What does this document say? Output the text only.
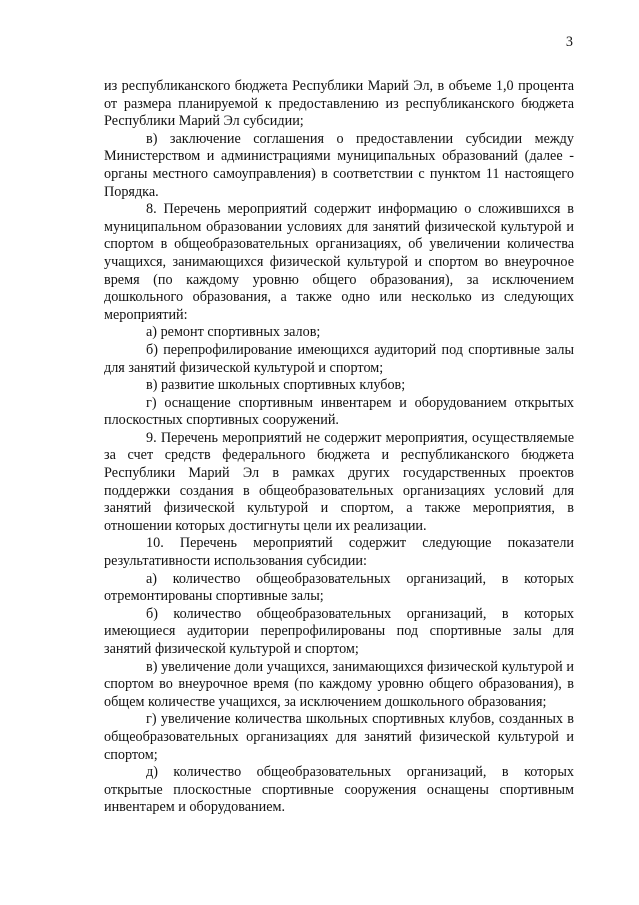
3

из республиканского бюджета Республики Марий Эл, в объеме 1,0 процента от размера планируемой к предоставлению из республиканского бюджета Республики Марий Эл субсидии;

в) заключение соглашения о предоставлении субсидии между Министерством и администрациями муниципальных образований (далее - органы местного самоуправления) в соответствии с пунктом 11 настоящего Порядка.

8. Перечень мероприятий содержит информацию о сложившихся в муниципальном образовании условиях для занятий физической культурой и спортом в общеобразовательных организациях, об увеличении количества учащихся, занимающихся физической культурой и спортом во внеурочное время (по каждому уровню общего образования), за исключением дошкольного образования, а также одно или несколько из следующих мероприятий:

а) ремонт спортивных залов;

б) перепрофилирование имеющихся аудиторий под спортивные залы для занятий физической культурой и спортом;

в) развитие школьных спортивных клубов;

г) оснащение спортивным инвентарем и оборудованием открытых плоскостных спортивных сооружений.

9. Перечень мероприятий не содержит мероприятия, осуществляемые за счет средств федерального бюджета и республиканского бюджета Республики Марий Эл в рамках других государственных проектов поддержки создания в общеобразовательных организациях условий для занятий физической культурой и спортом, а также мероприятия, в отношении которых достигнуты цели их реализации.

10. Перечень мероприятий содержит следующие показатели результативности использования субсидии:

а) количество общеобразовательных организаций, в которых отремонтированы спортивные залы;

б) количество общеобразовательных организаций, в которых имеющиеся аудитории перепрофилированы под спортивные залы для занятий физической культурой и спортом;

в) увеличение доли учащихся, занимающихся физической культурой и спортом во внеурочное время (по каждому уровню общего образования), в общем количестве учащихся, за исключением дошкольного образования;

г) увеличение количества школьных спортивных клубов, созданных в общеобразовательных организациях для занятий физической культурой и спортом;

д) количество общеобразовательных организаций, в которых открытые плоскостные спортивные сооружения оснащены спортивным инвентарем и оборудованием.
